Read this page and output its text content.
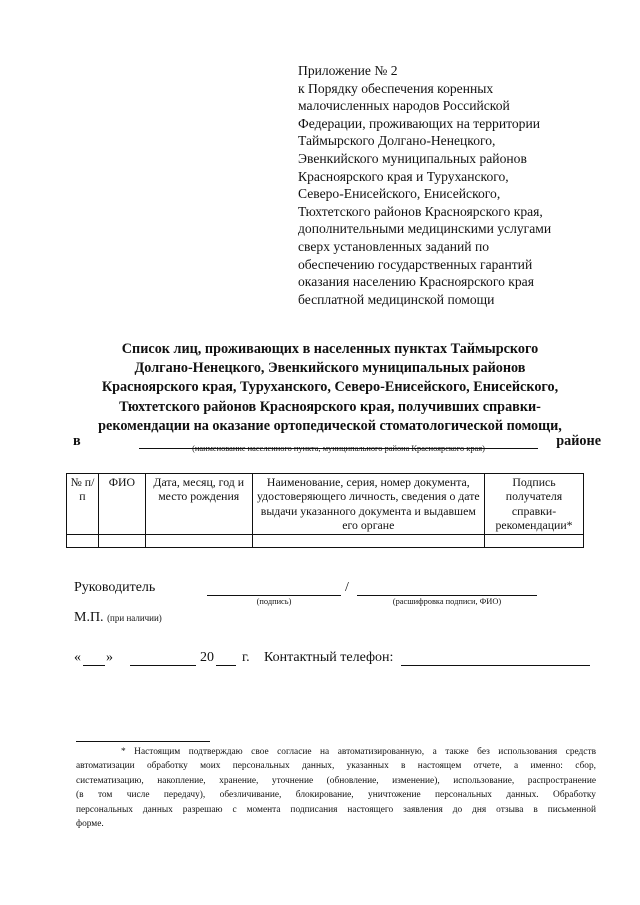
Приложение № 2
к Порядку обеспечения коренных
малочисленных народов Российской
Федерации, проживающих на территории
Таймырского Долгано-Ненецкого,
Эвенкийского муниципальных районов
Красноярского края и Туруханского,
Северо-Енисейского, Енисейского,
Тюхтетского районов Красноярского края,
дополнительными медицинскими услугами
сверх установленных заданий по
обеспечению государственных гарантий
оказания населению Красноярского края
бесплатной медицинской помощи
Список лиц, проживающих в населенных пунктах Таймырского
Долгано-Ненецкого, Эвенкийского муниципальных районов
Красноярского края, Туруханского, Северо-Енисейского, Енисейского,
Тюхтетского районов Красноярского края, получивших справки-
рекомендации на оказание ортопедической стоматологической помощи,
в	районе
(наименование населенного пункта, муниципального района Красноярского края)
№ п/п	ФИО	Дата, месяц, год и место рождения	Наименование, серия, номер документа, удостоверяющего личность, сведения о дате выдачи указанного документа и выдавшем его органе	Подпись получателя справки-рекомендации*

Руководитель	/
(подпись)	(расшифровка подписи, ФИО)
М.П. (при наличии)
« »	20 г. Контактный телефон:
* Настоящим подтверждаю свое согласие на автоматизированную, а также без использования средств
автоматизации обработку моих персональных данных, указанных в настоящем отчете, а именно: сбор,
систематизацию, накопление, хранение, уточнение (обновление, изменение), использование, распространение
(в том числе передачу), обезличивание, блокирование, уничтожение персональных данных. Обработку
персональных данных разрешаю с момента подписания настоящего заявления до дня отзыва в письменной
форме.
